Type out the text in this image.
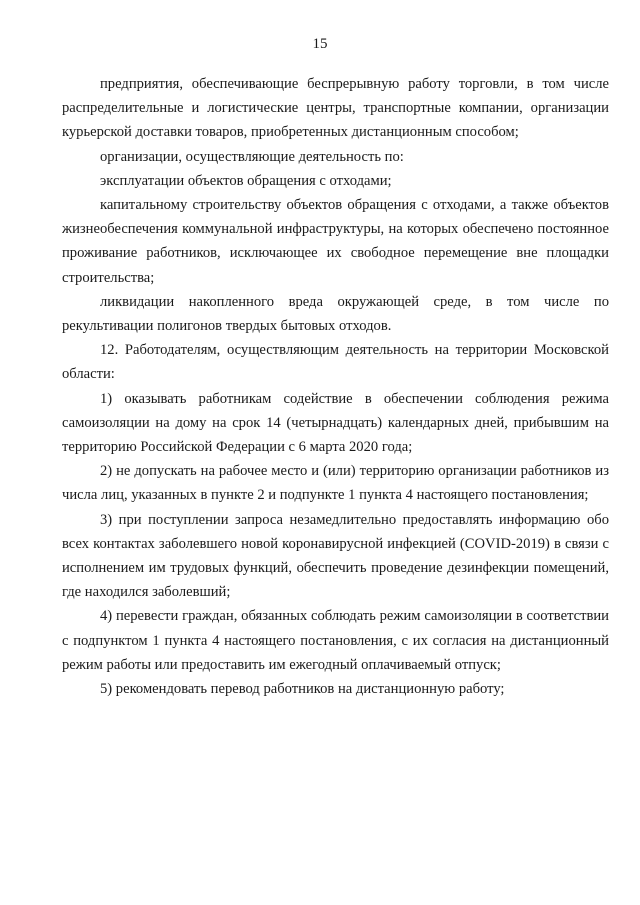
15

предприятия, обеспечивающие беспрерывную работу торговли, в том числе распределительные и логистические центры, транспортные компании, организации курьерской доставки товаров, приобретенных дистанционным способом;

организации, осуществляющие деятельность по:

эксплуатации объектов обращения с отходами;

капитальному строительству объектов обращения с отходами, а также объектов жизнеобеспечения коммунальной инфраструктуры, на которых обеспечено постоянное проживание работников, исключающее их свободное перемещение вне площадки строительства;

ликвидации накопленного вреда окружающей среде, в том числе по рекультивации полигонов твердых бытовых отходов.

12. Работодателям, осуществляющим деятельность на территории Московской области:

1) оказывать работникам содействие в обеспечении соблюдения режима самоизоляции на дому на срок 14 (четырнадцать) календарных дней, прибывшим на территорию Российской Федерации с 6 марта 2020 года;

2) не допускать на рабочее место и (или) территорию организации работников из числа лиц, указанных в пункте 2 и подпункте 1 пункта 4 настоящего постановления;

3) при поступлении запроса незамедлительно предоставлять информацию обо всех контактах заболевшего новой коронавирусной инфекцией (COVID-2019) в связи с исполнением им трудовых функций, обеспечить проведение дезинфекции помещений, где находился заболевший;

4) перевести граждан, обязанных соблюдать режим самоизоляции в соответствии с подпунктом 1 пункта 4 настоящего постановления, с их согласия на дистанционный режим работы или предоставить им ежегодный оплачиваемый отпуск;

5) рекомендовать перевод работников на дистанционную работу;
